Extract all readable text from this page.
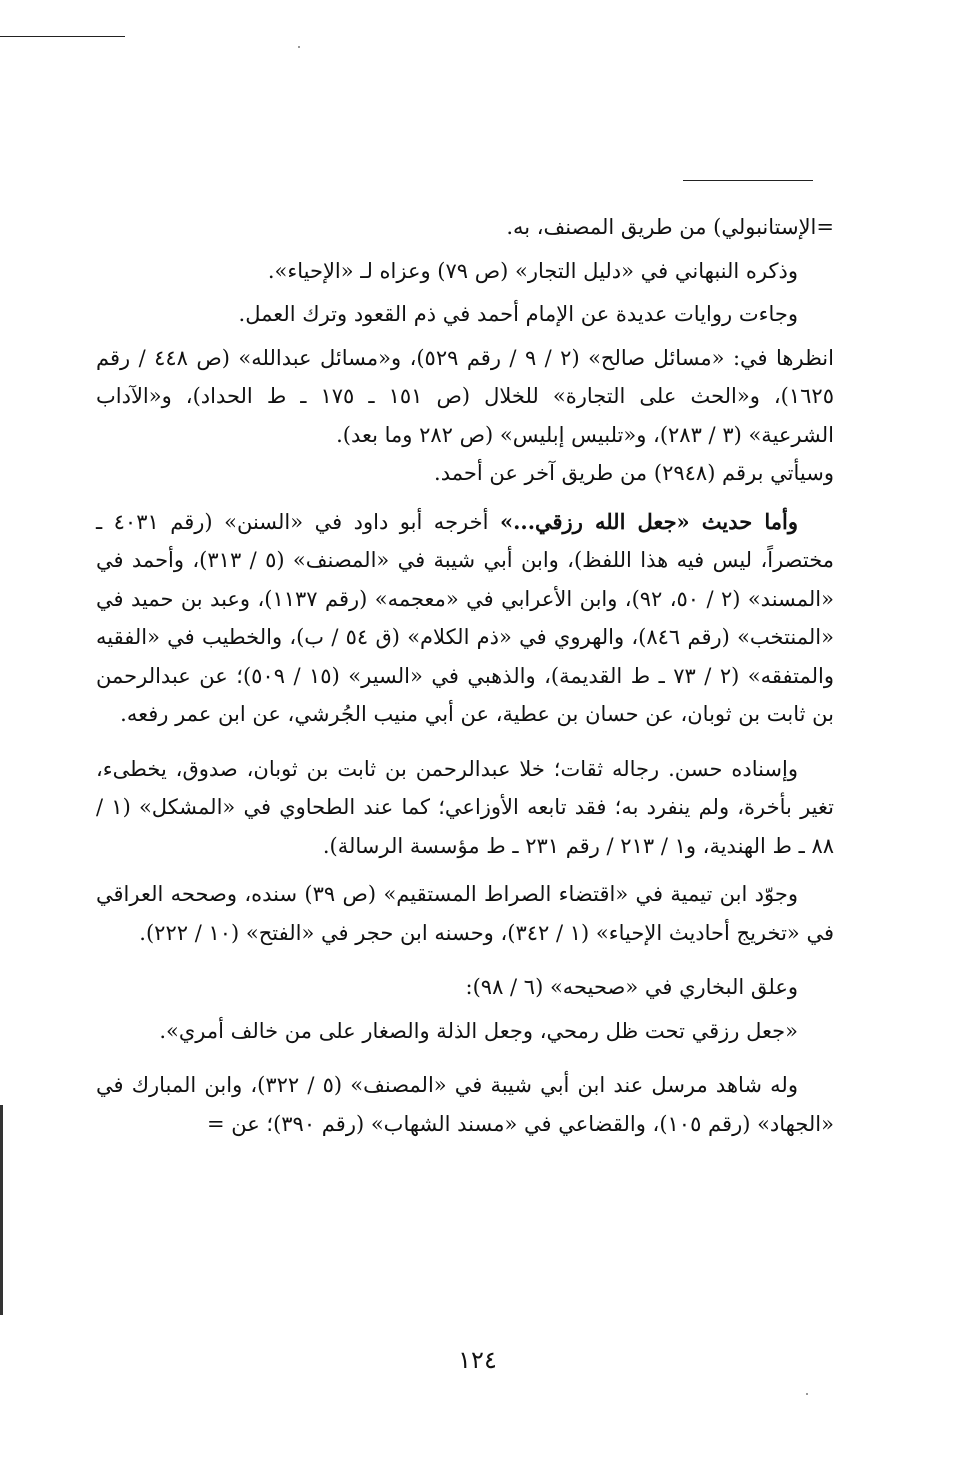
=الإستانبولي) من طريق المصنف، به.

وذكره النبهاني في «دليل التجار» (ص ٧٩) وعزاه لـ «الإحياء».

وجاءت روايات عديدة عن الإمام أحمد في ذم القعود وترك العمل.

انظرها في: «مسائل صالح» (٢ / ٩ / رقم ٥٢٩)، و«مسائل عبدالله» (ص ٤٤٨ / رقم ١٦٢٥)، و«الحث على التجارة» للخلال (ص ١٥١ ـ ١٧٥ ـ ط الحداد)، و«الآداب الشرعية» (٣ / ٢٨٣)، و«تلبيس إبليس» (ص ٢٨٢ وما بعد).

وسيأتي برقم (٢٩٤٨) من طريق آخر عن أحمد.

وأما حديث «جعل الله رزقي...» أخرجه أبو داود في «السنن» (رقم ٤٠٣١ ـ مختصراً، ليس فيه هذا اللفظ)، وابن أبي شيبة في «المصنف» (٥ / ٣١٣)، وأحمد في «المسند» (٢ / ٥٠، ٩٢)، وابن الأعرابي في «معجمه» (رقم ١١٣٧)، وعبد بن حميد في «المنتخب» (رقم ٨٤٦)، والهروي في «ذم الكلام» (ق ٥٤ / ب)، والخطيب في «الفقيه والمتفقه» (٢ / ٧٣ ـ ط القديمة)، والذهبي في «السير» (١٥ / ٥٠٩)؛ عن عبدالرحمن بن ثابت بن ثوبان، عن حسان بن عطية، عن أبي منيب الجُرشي، عن ابن عمر رفعه.

وإسناده حسن. رجاله ثقات؛ خلا عبدالرحمن بن ثابت بن ثوبان، صدوق، يخطىء، تغير بأخرة، ولم ينفرد به؛ فقد تابعه الأوزاعي؛ كما عند الطحاوي في «المشكل» (١ / ٨٨ ـ ط الهندية، و١ / ٢١٣ / رقم ٢٣١ ـ ط مؤسسة الرسالة).

وجوّد ابن تيمية في «اقتضاء الصراط المستقيم» (ص ٣٩) سنده، وصححه العراقي في «تخريج أحاديث الإحياء» (١ / ٣٤٢)، وحسنه ابن حجر في «الفتح» (١٠ / ٢٢٢).

وعلق البخاري في «صحيحه» (٦ / ٩٨):

«جعل رزقي تحت ظل رمحي، وجعل الذلة والصغار على من خالف أمري».

وله شاهد مرسل عند ابن أبي شيبة في «المصنف» (٥ / ٣٢٢)، وابن المبارك في «الجهاد» (رقم ١٠٥)، والقضاعي في «مسند الشهاب» (رقم ٣٩٠)؛ عن =

١٢٤
